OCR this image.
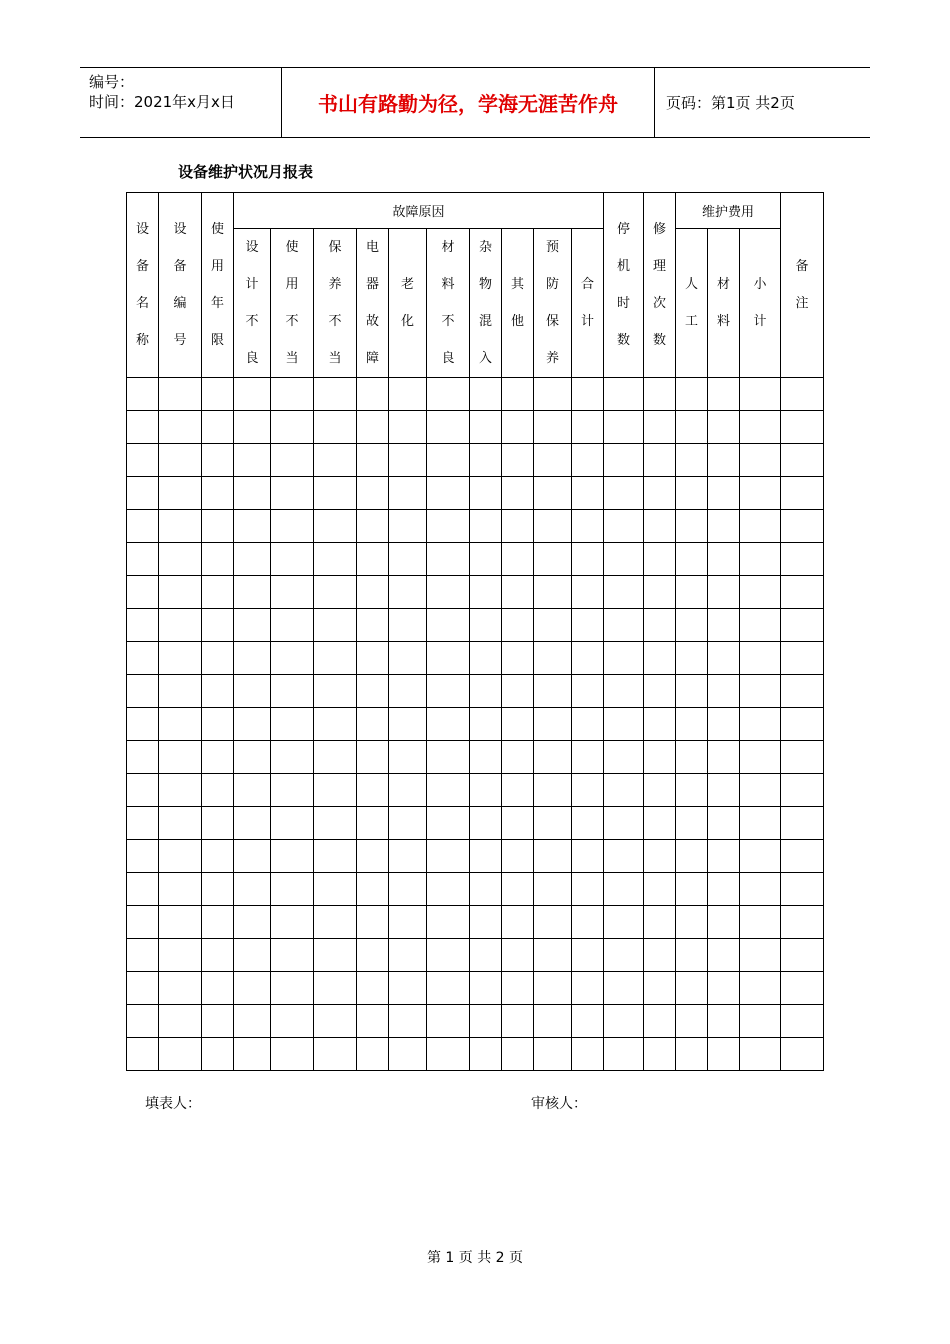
编号：
时间：2021年x月x日	书山有路勤为径，学海无涯苦作舟	页码：第1页 共2页
设备维护状况月报表
设备名称	设备编号	使用年限	故障原因										停机时数	修理次数	维护费用			备注
			设计不良	使用不当	保养不当	电器故障	老化	材料不良	杂物混入	其他	预防保养	合计			人工	材料	小计	

填表人：	审核人：
第 1 页 共 2 页
